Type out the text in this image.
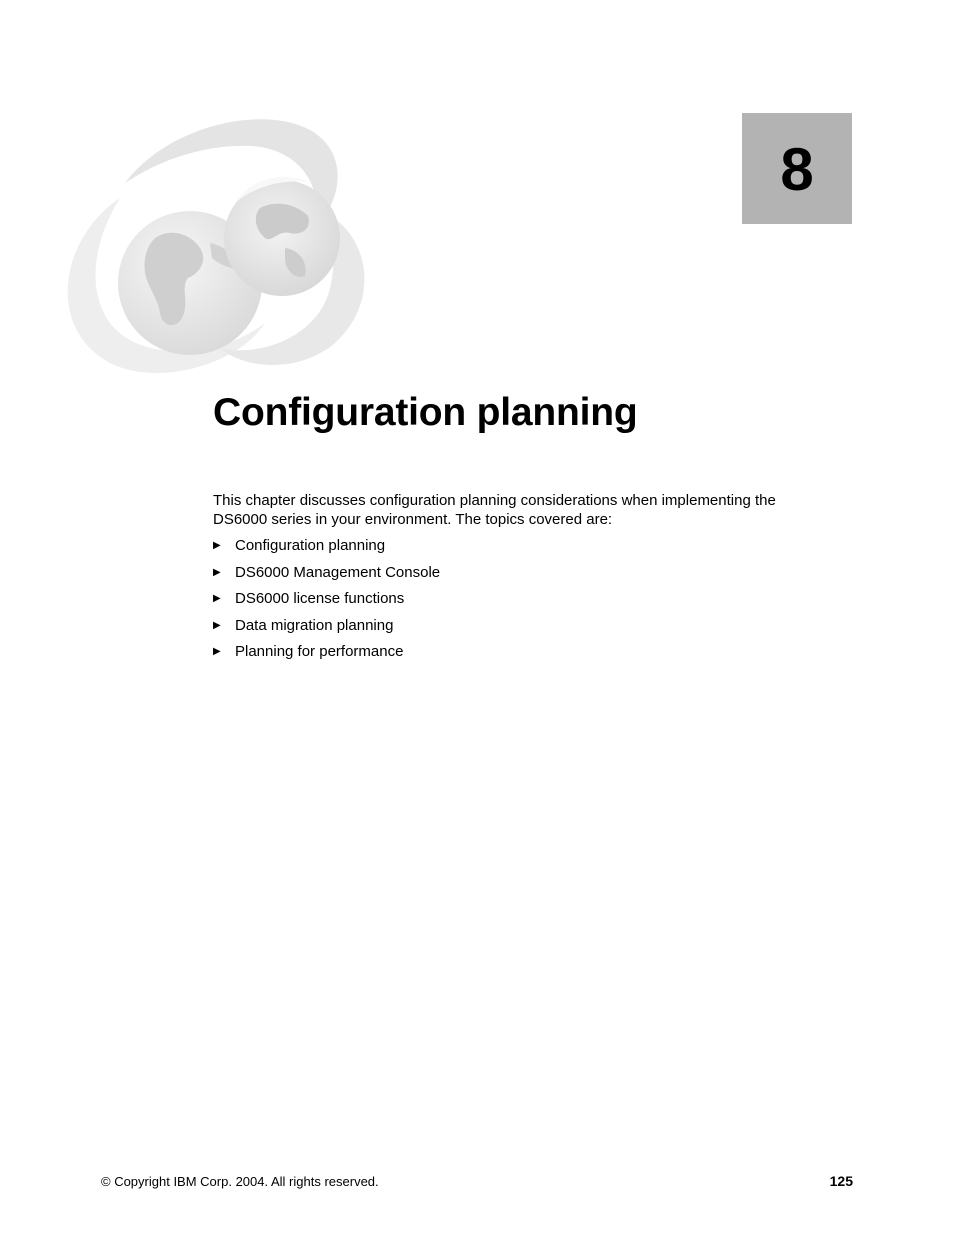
8
Configuration planning

This chapter discusses configuration planning considerations when implementing the DS6000 series in your environment. The topics covered are:

▶ Configuration planning
▶ DS6000 Management Console
▶ DS6000 license functions
▶ Data migration planning
▶ Planning for performance
© Copyright IBM Corp. 2004. All rights reserved.	125
